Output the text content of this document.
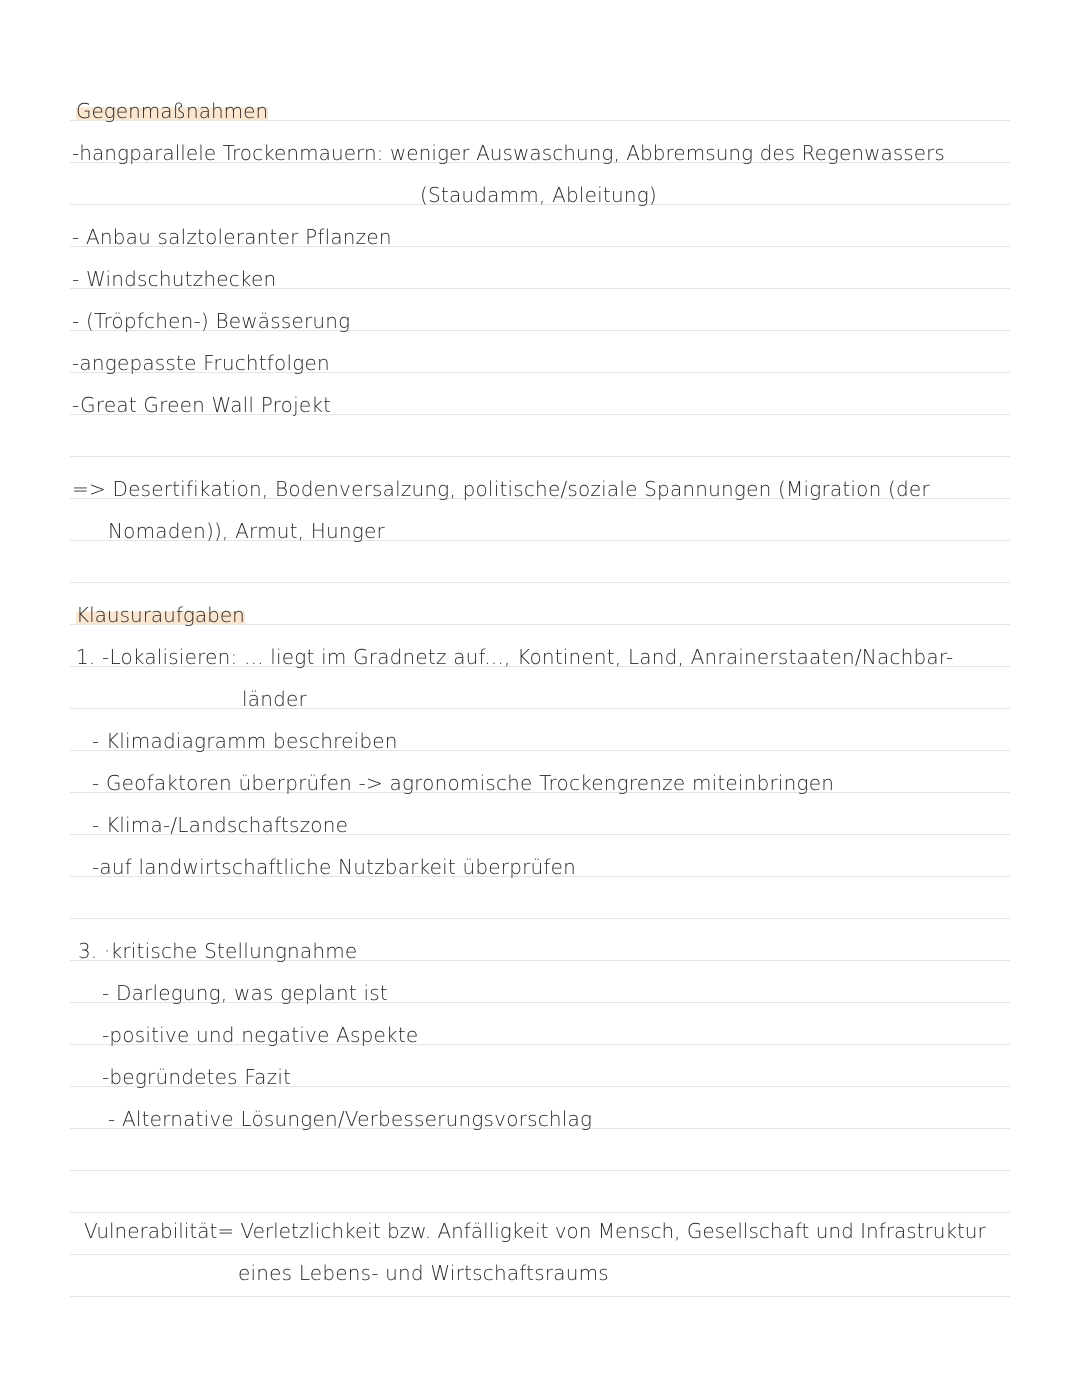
Gegenmaßnahmen
-hangparallele Trockenmauern: weniger Auswaschung, Abbremsung des Regenwassers
(Staudamm, Ableitung)
- Anbau salztoleranter Pflanzen
- Windschutzhecken
- (Tröpfchen-) Bewässerung
-angepasste Fruchtfolgen
-Great Green Wall Projekt
=> Desertifikation, Bodenversalzung, politische/soziale Spannungen (Migration (der
Nomaden)), Armut, Hunger
Klausuraufgaben
1. -Lokalisieren: ... liegt im Gradnetz auf..., Kontinent, Land, Anrainerstaaten/Nachbar-
länder
- Klimadiagramm beschreiben
- Geofaktoren überprüfen -> agronomische Trockengrenze miteinbringen
- Klima-/Landschaftszone
-auf landwirtschaftliche Nutzbarkeit überprüfen
3. ·kritische Stellungnahme
- Darlegung, was geplant ist
-positive und negative Aspekte
-begründetes Fazit
- Alternative Lösungen/Verbesserungsvorschlag
Vulnerabilität= Verletzlichkeit bzw. Anfälligkeit von Mensch, Gesellschaft und Infrastruktur
eines Lebens- und Wirtschaftsraums
